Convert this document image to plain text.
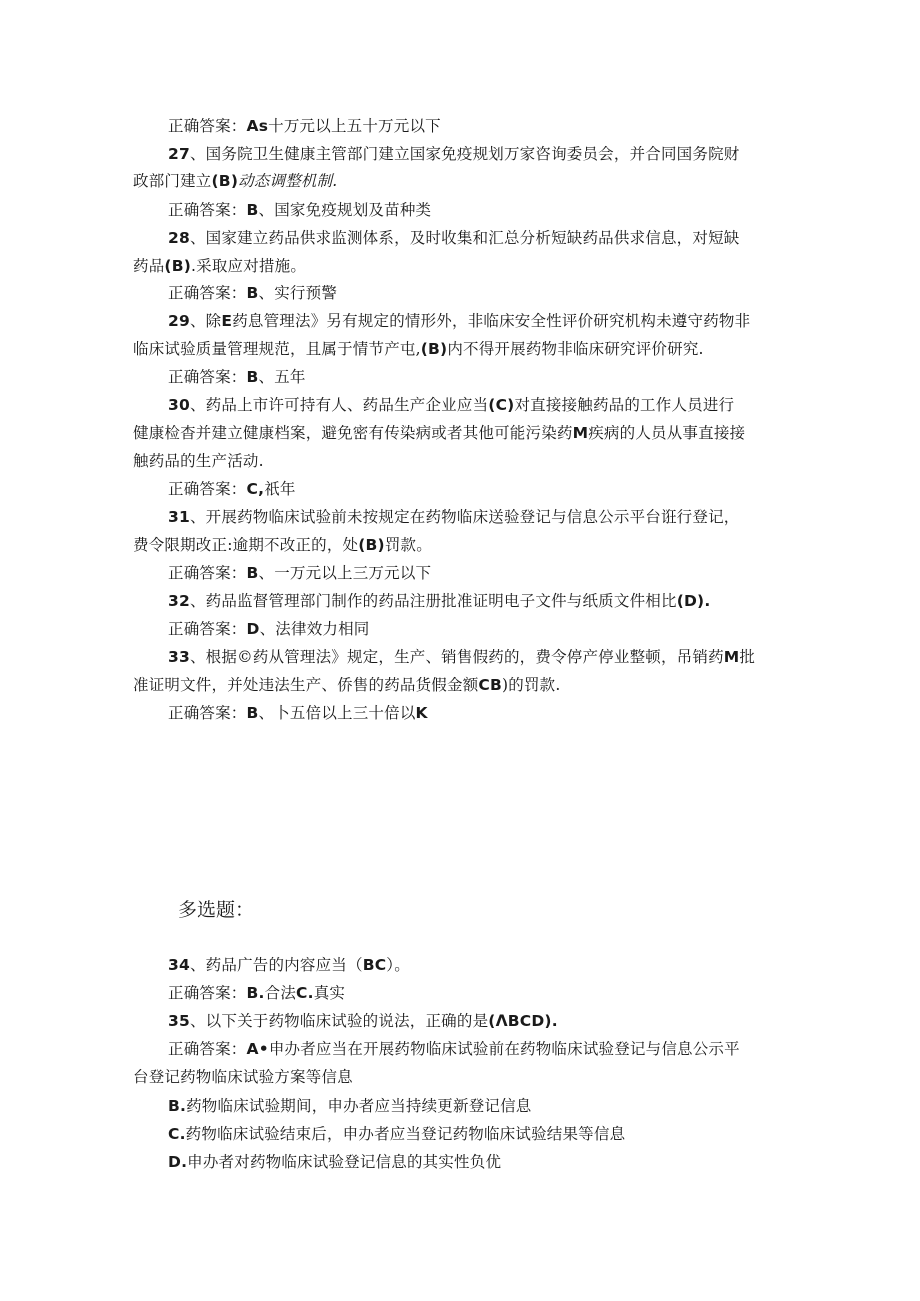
正确答案：As十万元以上五十万元以下
27、国务院卫生健康主管部门建立国家免疫规划万家咨询委员会，并合同国务院财
政部门建立(B)动态调整机制.
正确答案：B、国家免疫规划及苗种类
28、国家建立药品供求监测体系，及时收集和汇总分析短缺药品供求信息，对短缺
药品(B).采取应对措施。
正确答案：B、实行预警
29、除E药息管理法》另有规定的情形外，非临床安全性评价研究机构未遵守药物非
临床试验质量管理规范，且属于情节产屯,(B)内不得开展药物非临床研究评价研究.
正确答案：B、五年
30、药品上市许可持有人、药品生产企业应当(C)对直接接触药品的工作人员进行
健康检杳并建立健康档案，避免密有传染病或者其他可能污染药M疾病的人员从事直接接
触药品的生产活动.
正确答案：C,祇年
31、开展药物临床试验前未按规定在药物临床送验登记与信息公示平台诳行登记，
费令限期改正:逾期不改正的，处(B)罚款。
正确答案：B、一万元以上三万元以下
32、药品监督管理部门制作的药品注册批准证明电子文件与纸质文件相比(D).
正确答案：D、法律效力相同
33、根据©药从管理法》规定，生产、销售假药的，费令停产停业整顿，吊销药M批
准证明文件，并处违法生产、侨售的药品货假金额CB)的罚款.
正确答案：B、卜五倍以上三十倍以K
多选题：
34、药品广告的内容应当（BC）。
正确答案：B.合法C.真实
35、以下关于药物临床试验的说法，正确的是(ΛBCD).
正确答案：A•申办者应当在开展药物临床试验前在药物临床试验登记与信息公示平
台登记药物临床试验方案等信息
B.药物临床试验期间，申办者应当持续更新登记信息
C.药物临床试验结束后，申办者应当登记药物临床试验结果等信息
D.申办者对药物临床试验登记信息的其实性负优
